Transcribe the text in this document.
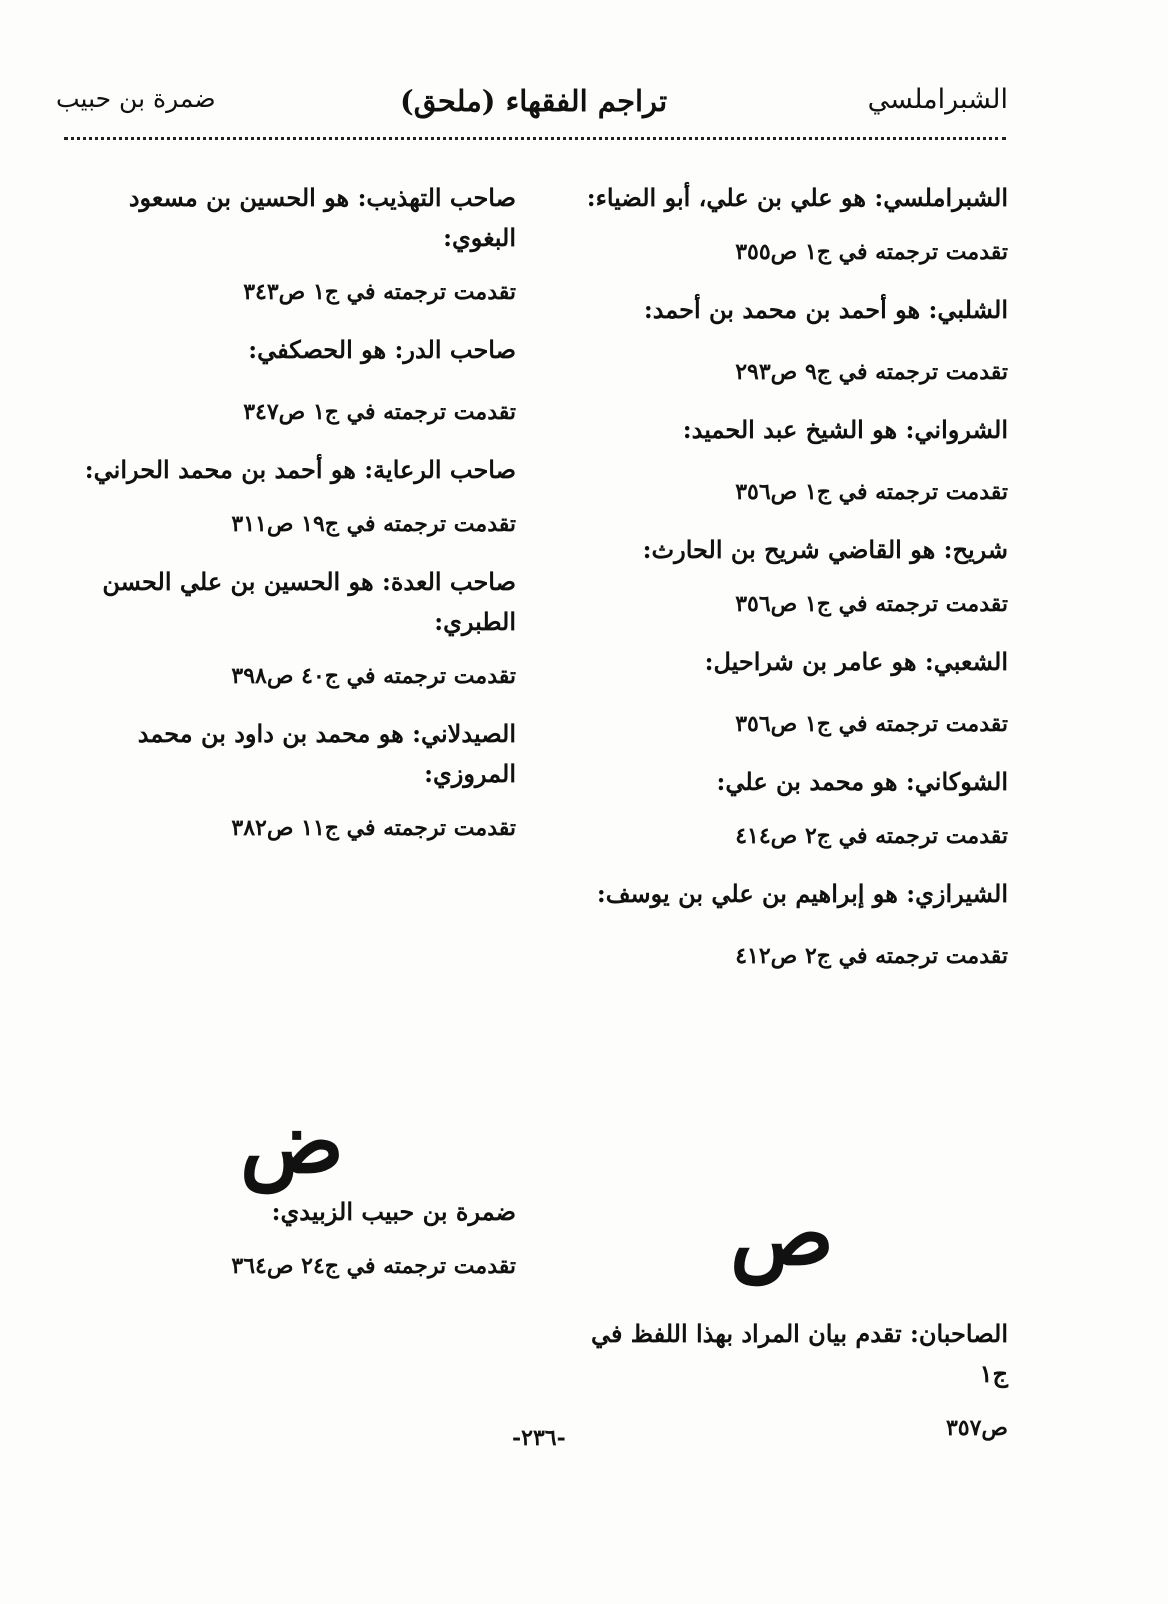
الشبراملسي
(ملحق) تراجم الفقهاء
ضمرة بن حبيب
الشبراملسي: هو علي بن علي، أبو الضياء:
تقدمت ترجمته في ج١ ص٣٥٥
الشلبي: هو أحمد بن محمد بن أحمد:
تقدمت ترجمته في ج٩ ص٢٩٣
الشرواني: هو الشيخ عبد الحميد:
تقدمت ترجمته في ج١ ص٣٥٦
شريح: هو القاضي شريح بن الحارث:
تقدمت ترجمته في ج١ ص٣٥٦
الشعبي: هو عامر بن شراحيل:
تقدمت ترجمته في ج١ ص٣٥٦
الشوكاني: هو محمد بن علي:
تقدمت ترجمته في ج٢ ص٤١٤
الشيرازي: هو إبراهيم بن علي بن يوسف:
تقدمت ترجمته في ج٢ ص٤١٢
صاحب التهذيب: هو الحسين بن مسعود البغوي:
تقدمت ترجمته في ج١ ص٣٤٣
صاحب الدر: هو الحصكفي:
تقدمت ترجمته في ج١ ص٣٤٧
صاحب الرعاية: هو أحمد بن محمد الحراني:
تقدمت ترجمته في ج١٩ ص٣١١
صاحب العدة: هو الحسين بن علي الحسن الطبري:
تقدمت ترجمته في ج٤٠ ص٣٩٨
الصيدلاني: هو محمد بن داود بن محمد المروزي:
تقدمت ترجمته في ج١١ ص٣٨٢
ض
ضمرة بن حبيب الزبيدي:
تقدمت ترجمته في ج٢٤ ص٣٦٤ ص
الصاحبان: تقدم بيان المراد بهذا اللفظ في ج١
ص٣٥٧
-٢٣٦-
